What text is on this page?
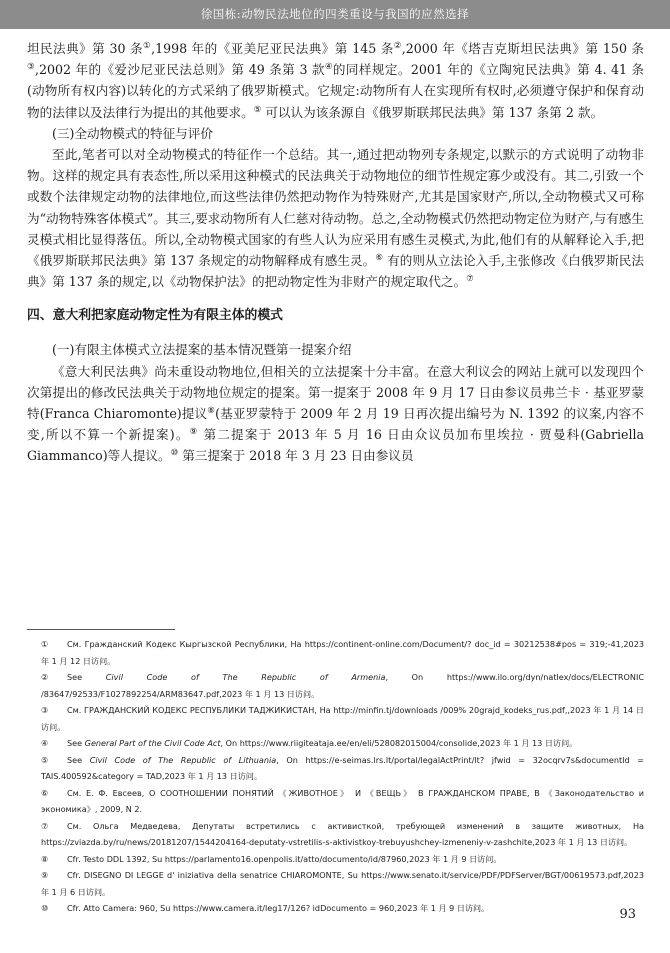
徐国栋:动物民法地位的四类重设与我国的应然选择

坦民法典》第 30 条①,1998 年的《亚美尼亚民法典》第 145 条②,2000 年《塔吉克斯坦民法典》第 150 条③,2002 年的《爱沙尼亚民法总则》第 49 条第 3 款④的同样规定。2001 年的《立陶宛民法典》第 4. 41 条(动物所有权内容)以转化的方式采纳了俄罗斯模式。它规定:动物所有人在实现所有权时,必须遵守保护和保育动物的法律以及法律行为提出的其他要求。⑤ 可以认为该条源自《俄罗斯联邦民法典》第 137 条第 2 款。

(三)全动物模式的特征与评价

至此,笔者可以对全动物模式的特征作一个总结。其一,通过把动物列专条规定,以默示的方式说明了动物非物。这样的规定具有表态性,所以采用这种模式的民法典关于动物地位的细节性规定寡少或没有。其二,引致一个或数个法律规定动物的法律地位,而这些法律仍然把动物作为特殊财产,尤其是国家财产,所以,全动物模式又可称为“动物特殊客体模式”。其三,要求动物所有人仁慈对待动物。总之,全动物模式仍然把动物定位为财产,与有感生灵模式相比显得落伍。所以,全动物模式国家的有些人认为应采用有感生灵模式,为此,他们有的从解释论入手,把《俄罗斯联邦民法典》第 137 条规定的动物解释成有感生灵。⑥ 有的则从立法论入手,主张修改《白俄罗斯民法典》第 137 条的规定,以《动物保护法》的把动物定性为非财产的规定取代之。⑦

四、意大利把家庭动物定性为有限主体的模式
(一)有限主体模式立法提案的基本情况暨第一提案介绍

《意大利民法典》尚未重设动物地位,但相关的立法提案十分丰富。在意大利议会的网站上就可以发现四个次第提出的修改民法典关于动物地位规定的提案。第一提案于 2008 年 9 月 17 日由参议员弗兰卡 · 基亚罗蒙特(Franca Chiaromonte)提议⑧(基亚罗蒙特于 2009 年 2 月 19 日再次提出编号为 N. 1392 的议案,内容不变,所以不算一个新提案)。⑨ 第二提案于 2013 年 5 月 16 日由众议员加布里埃拉 · 贾曼科(Gabriella Giammanco)等人提议。⑩ 第三提案于 2018 年 3 月 23 日由参议员

① См. Гражданский Кодекс Кыргызской Республики, На https://continent-online.com/Document/? doc_id = 30212538#pos = 319;-41,2023 年 1 月 12 日访问。
② See Civil Code of The Republic of Armenia, On https://www.ilo.org/dyn/natlex/docs/ELECTRONIC /83647/92533/F1027892254/ARM83647.pdf,2023 年 1 月 13 日访问。
③ См. ГРАЖДАНСКИЙ КОДЕКС РЕСПУБЛИКИ ТАДЖИКИСТАН, На http://minfin.tj/downloads /009% 20grajd_kodeks_rus.pdf,,2023 年 1 月 14 日访问。
④ See General Part of the Civil Code Act, On https://www.riigiteataja.ee/en/eli/528082015004/consolide,2023 年 1 月 13 日访问。
⑤ See Civil Code of The Republic of Lithuania, On https://e-seimas.lrs.lt/portal/legalActPrint/lt? jfwid = 32ocqrv7s&documentId = TAIS.400592&category = TAD,2023 年 1 月 13 日访问。
⑥ См. Е. Ф. Евсеев, О СООТНОШЕНИИ ПОНЯТИЙ 《ЖИВОТНОЕ》 И 《ВЕЩЬ》 В ГРАЖДАНСКОМ ПРАВЕ, В 《Законодательство и экономика》, 2009, N 2.
⑦ См. Ольга Медведева, Депутаты встретились с активисткой, требующей изменений в защите животных, На https://zviazda.by/ru/news/20181207/1544204164-deputaty-vstretilis-s-aktivistkoy-trebuyushchey-izmeneniy-v-zashchite,2023 年 1 月 13 日访问。
⑧ Cfr. Testo DDL 1392, Su https://parlamento16.openpolis.it/atto/documento/id/87960,2023 年 1 月 9 日访问。
⑨ Cfr. DISEGNO DI LEGGE d' iniziativa della senatrice CHIAROMONTE, Su https://www.senato.it/service/PDF/PDFServer/BGT/00619573.pdf,2023 年 1 月 6 日访问。
⑩ Cfr. Atto Camera: 960, Su https://www.camera.it/leg17/126? idDocumento = 960,2023 年 1 月 9 日访问。	93
